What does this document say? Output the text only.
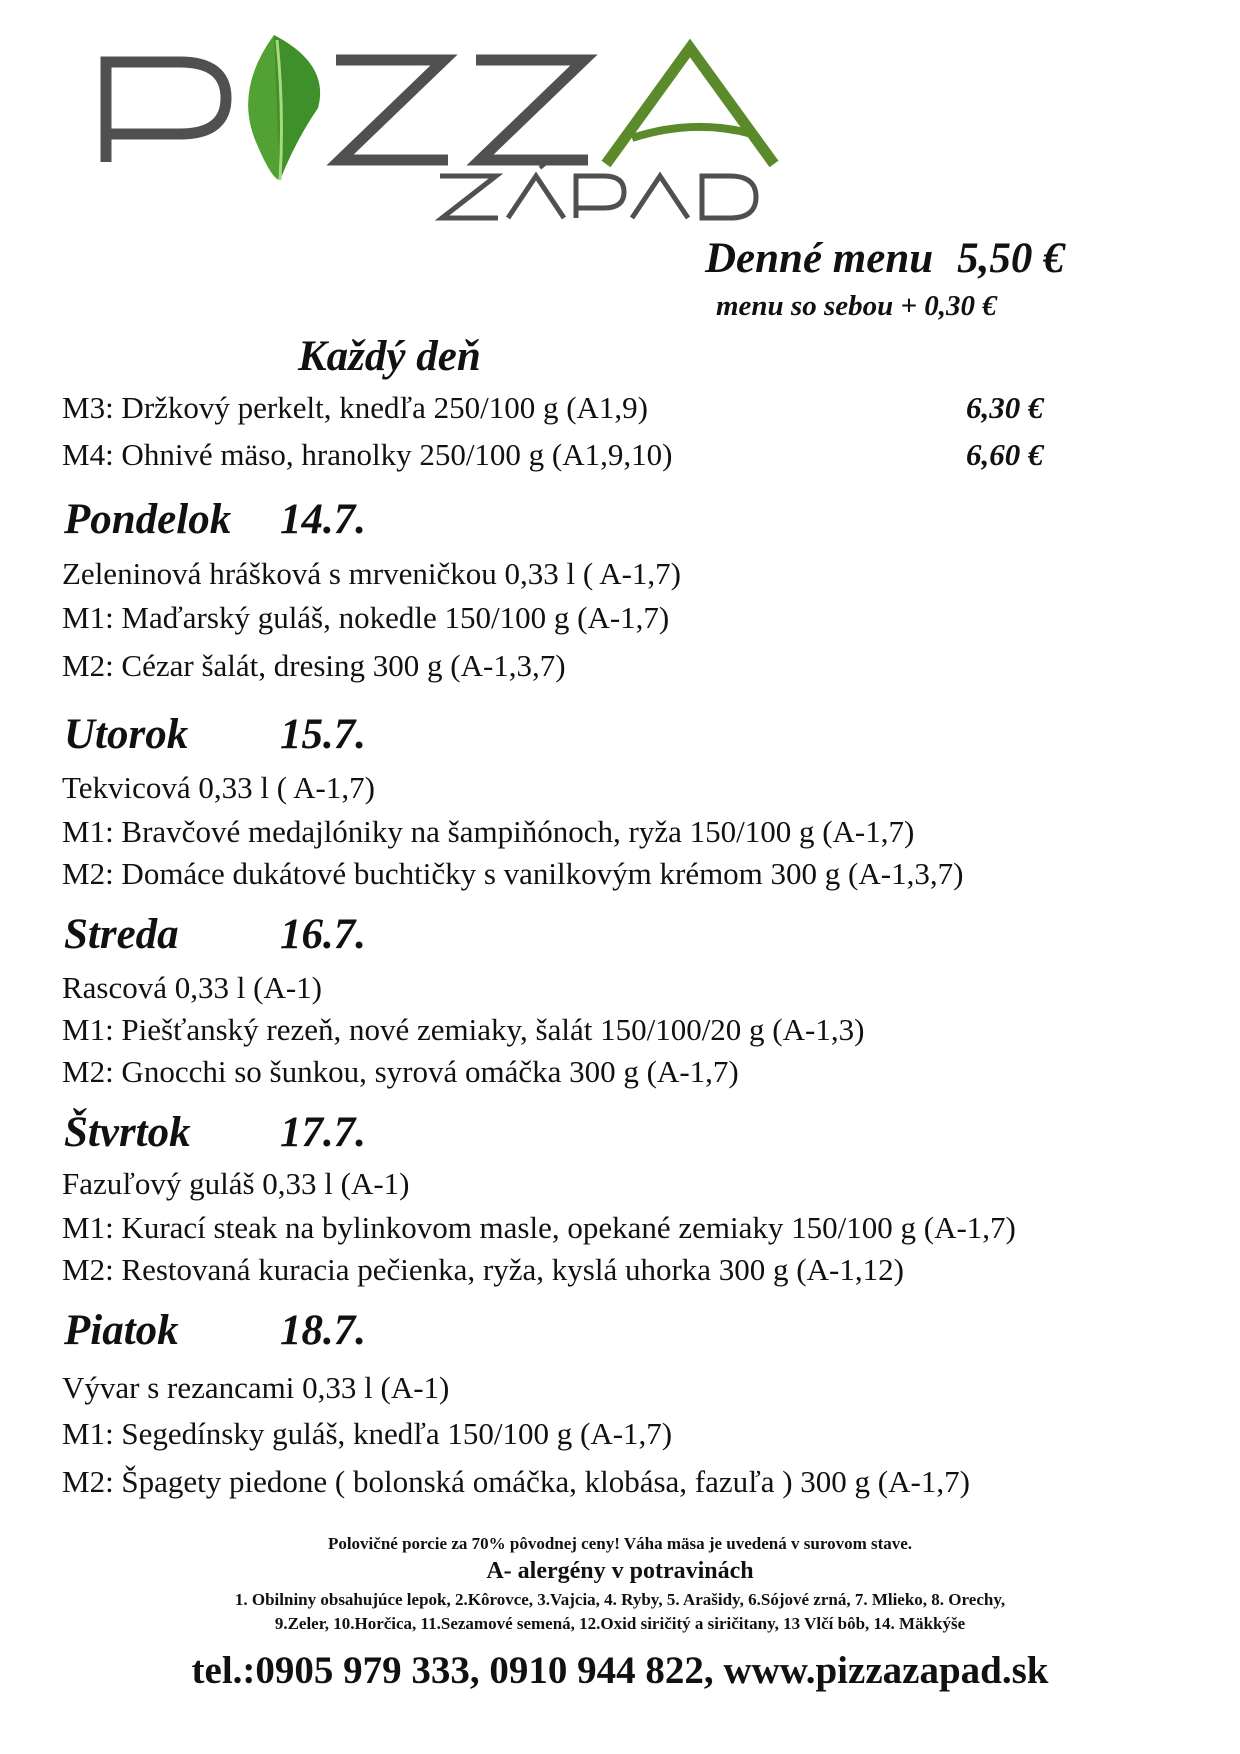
Denné menu 5,50 €
menu so sebou + 0,30 €
Každý deň
M3: Držkový perkelt, knedľa 250/100 g (A1,9)	6,30 €
M4: Ohnivé mäso, hranolky 250/100 g (A1,9,10)	6,60 €
Pondelok 14.7.
Zeleninová hrášková s mrveničkou 0,33 l ( A-1,7)
M1: Maďarský guláš, nokedle 150/100 g (A-1,7)
M2: Cézar šalát, dresing 300 g (A-1,3,7)
Utorok 15.7.
Tekvicová 0,33 l ( A-1,7)
M1: Bravčové medajlóniky na šampiňónoch, ryža 150/100 g (A-1,7)
M2: Domáce dukátové buchtičky s vanilkovým krémom 300 g (A-1,3,7)
Streda 16.7.
Rascová 0,33 l (A-1)
M1: Piešťanský rezeň, nové zemiaky, šalát 150/100/20 g (A-1,3)
M2: Gnocchi so šunkou, syrová omáčka 300 g (A-1,7)
Štvrtok 17.7.
Fazuľový guláš 0,33 l (A-1)
M1: Kurací steak na bylinkovom masle, opekané zemiaky 150/100 g (A-1,7)
M2: Restovaná kuracia pečienka, ryža, kyslá uhorka 300 g (A-1,12)
Piatok 18.7.
Vývar s rezancami 0,33 l (A-1)
M1: Segedínsky guláš, knedľa 150/100 g (A-1,7)
M2: Špagety piedone ( bolonská omáčka, klobása, fazuľa ) 300 g (A-1,7)
Polovičné porcie za 70% pôvodnej ceny! Váha mäsa je uvedená v surovom stave.
A- alergény v potravinách
1. Obilniny obsahujúce lepok, 2.Kôrovce, 3.Vajcia, 4. Ryby, 5. Arašidy, 6.Sójové zrná, 7. Mlieko, 8. Orechy,
9.Zeler, 10.Horčica, 11.Sezamové semená, 12.Oxid siričitý a siričitany, 13 Vlčí bôb, 14. Mäkkýše
tel.:0905 979 333, 0910 944 822, www.pizzazapad.sk
